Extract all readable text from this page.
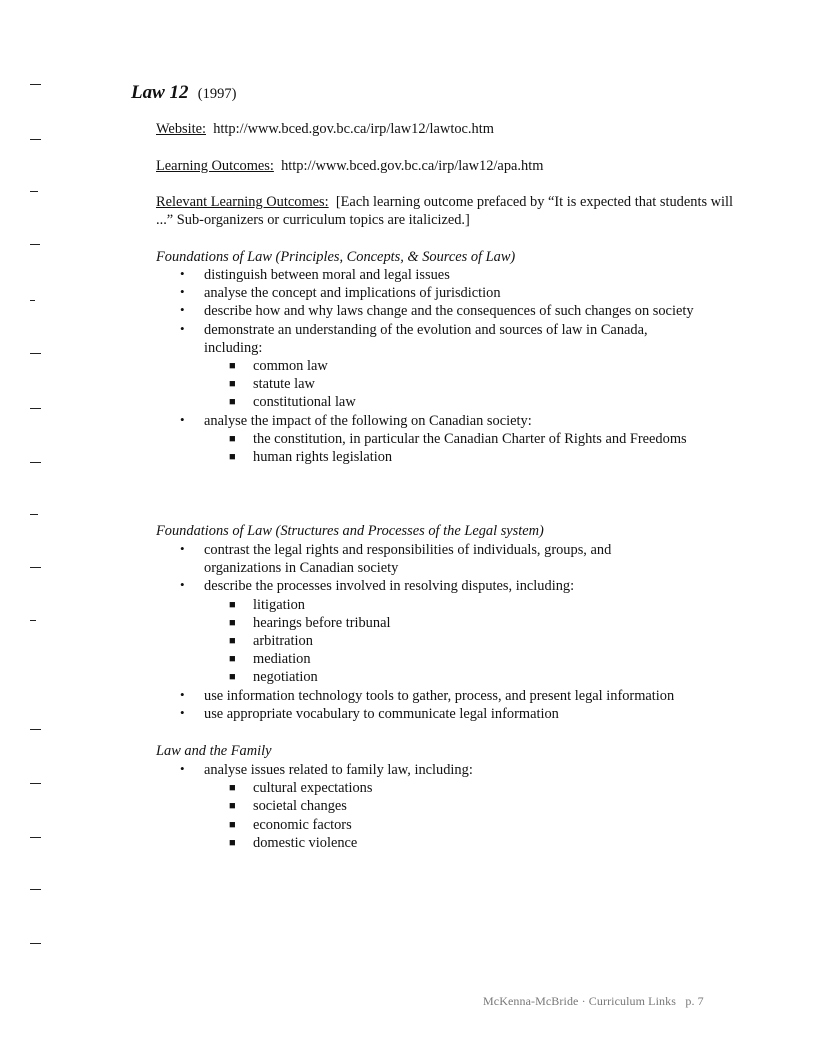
Law 12 (1997)

Website: http://www.bced.gov.bc.ca/irp/law12/lawtoc.htm

Learning Outcomes: http://www.bced.gov.bc.ca/irp/law12/apa.htm

Relevant Learning Outcomes: [Each learning outcome prefaced by “It is expected that students will ...” Sub-organizers or curriculum topics are italicized.]

Foundations of Law (Principles, Concepts, & Sources of Law)
• distinguish between moral and legal issues
• analyse the concept and implications of jurisdiction
• describe how and why laws change and the consequences of such changes on society
• demonstrate an understanding of the evolution and sources of law in Canada, including:
■ common law
■ statute law
■ constitutional law
• analyse the impact of the following on Canadian society:
■ the constitution, in particular the Canadian Charter of Rights and Freedoms
■ human rights legislation
Foundations of Law (Structures and Processes of the Legal system)
• contrast the legal rights and responsibilities of individuals, groups, and organizations in Canadian society
• describe the processes involved in resolving disputes, including:
■ litigation
■ hearings before tribunal
■ arbitration
■ mediation
■ negotiation
• use information technology tools to gather, process, and present legal information
• use appropriate vocabulary to communicate legal information
Law and the Family
• analyse issues related to family law, including:
■ cultural expectations
■ societal changes
■ economic factors
■ domestic violence
McKenna-McBride · Curriculum Links p. 7
